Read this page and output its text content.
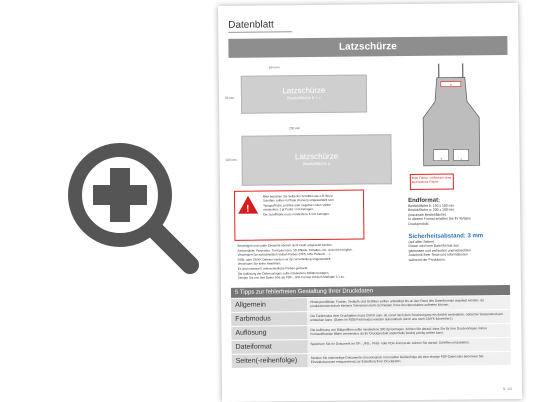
Datenblatt
Latzschürze
164 mm
52 mm
Latzschürze
Bestickfläche b + c
200 mm
100 mm	Latzschürze
Bestickfläche a
a
b	c
Rote Fläche: ist Bereich ohne bedruckbare Fläche
!
Bitte beachten Sie Seitlertus Schriften wie z.B. Brust
Schriften sollten in Pfade (Kurven) umgewandelt sein
Typografische, positive oder negative Linien sollten
mindestens 1 pt Punkt / mm betragen.
Die Schrifthöhe muss mindestens 6 mm betragen.
Beachtigen und runde Elemente können nicht exakt umgesetzt werden.
Farbverläufe, Farbraster, Transparenzen, 3D-Effekte, Schatten, etc. sind nicht möglich.
Verwenden Sie ausschließlich Vollton-Farben (HKS, RAL Pantone, ...)
RGB- oder CMYK-Dateien werden vor der Verarbeitung umgewandelt.
Verwenden Sie keine Haarlinien.
Es wird maximal 5 unterschiedliche Farben gedruckt.
Die Auflösung der Datenvorlagen sollte mindestens 300dpi betragen.
Senden Sie uns Ihre Daten bitte als PDF-, JPG-Format mit dem Maßstab 1:1 zu.
Endformat:
Bestickfläche b: 150 x 100 mm
Bestickfläche a: 200 x 100 mm
(maximale Bestickfläche)
In diesem Format erhalten Sie Ihr fertiges
Druckprodukt.
Sicherheitsabstand: 3 mm
(auf allen Seiten)
Dieser wird vom Datenformat aus
gemessen und verhindert unerwünschten
Anschnitt Ihrer Texte und Informationen
während der Produktion.
5 Tipps zur fehlerfreien Gestaltung Ihrer Druckdaten
Allgemein
Hintergrundbilder, Farben, Verläufe und Grafiken sollten unbedingt bis an den Rand des Datenformats angelegt werden, da produktionstechnisch kleinere Toleranzen beim Schneiden Ihres Druckproduktes auftreten können.
Farbmodus
Die Farbmodus Ihrer Druckdaten muss CMYK sein, da sonst nach dem Druckvorgang ein (leicht) veränderter, optischer Gesamteindruck entstehen kann. (Daten im RGB-Farbmodus werden automatisch durch uns nach CMYK konvertiert.)
Auflösung
Die Auflösung von Bildgrafiken sollte mindestens 300 dpi betragen. Achten Sie darauf, dass Sie für Ihre Druckvorlagen immer hochauflösende Bilder verwenden, da Ihr Druckprodukt andernfalls (leicht) pixelig wirken kann.
Dateiformat
Speichern Sie Ihr Dokument im TIF-, JPG-, PNG- oder PDF-Format ab. Achten Sie darauf, Schriften einzubetten.
Seiten(-reihenfolge)
Senden Sie mehrseitige Dokumente chronologisch in korrekter Reihenfolge als eine einzige PDF-Datei oder benennen Sie Einzeldokumente entsprechend zur Erstellung Ihrer Druckdaten.
S. 1/2
